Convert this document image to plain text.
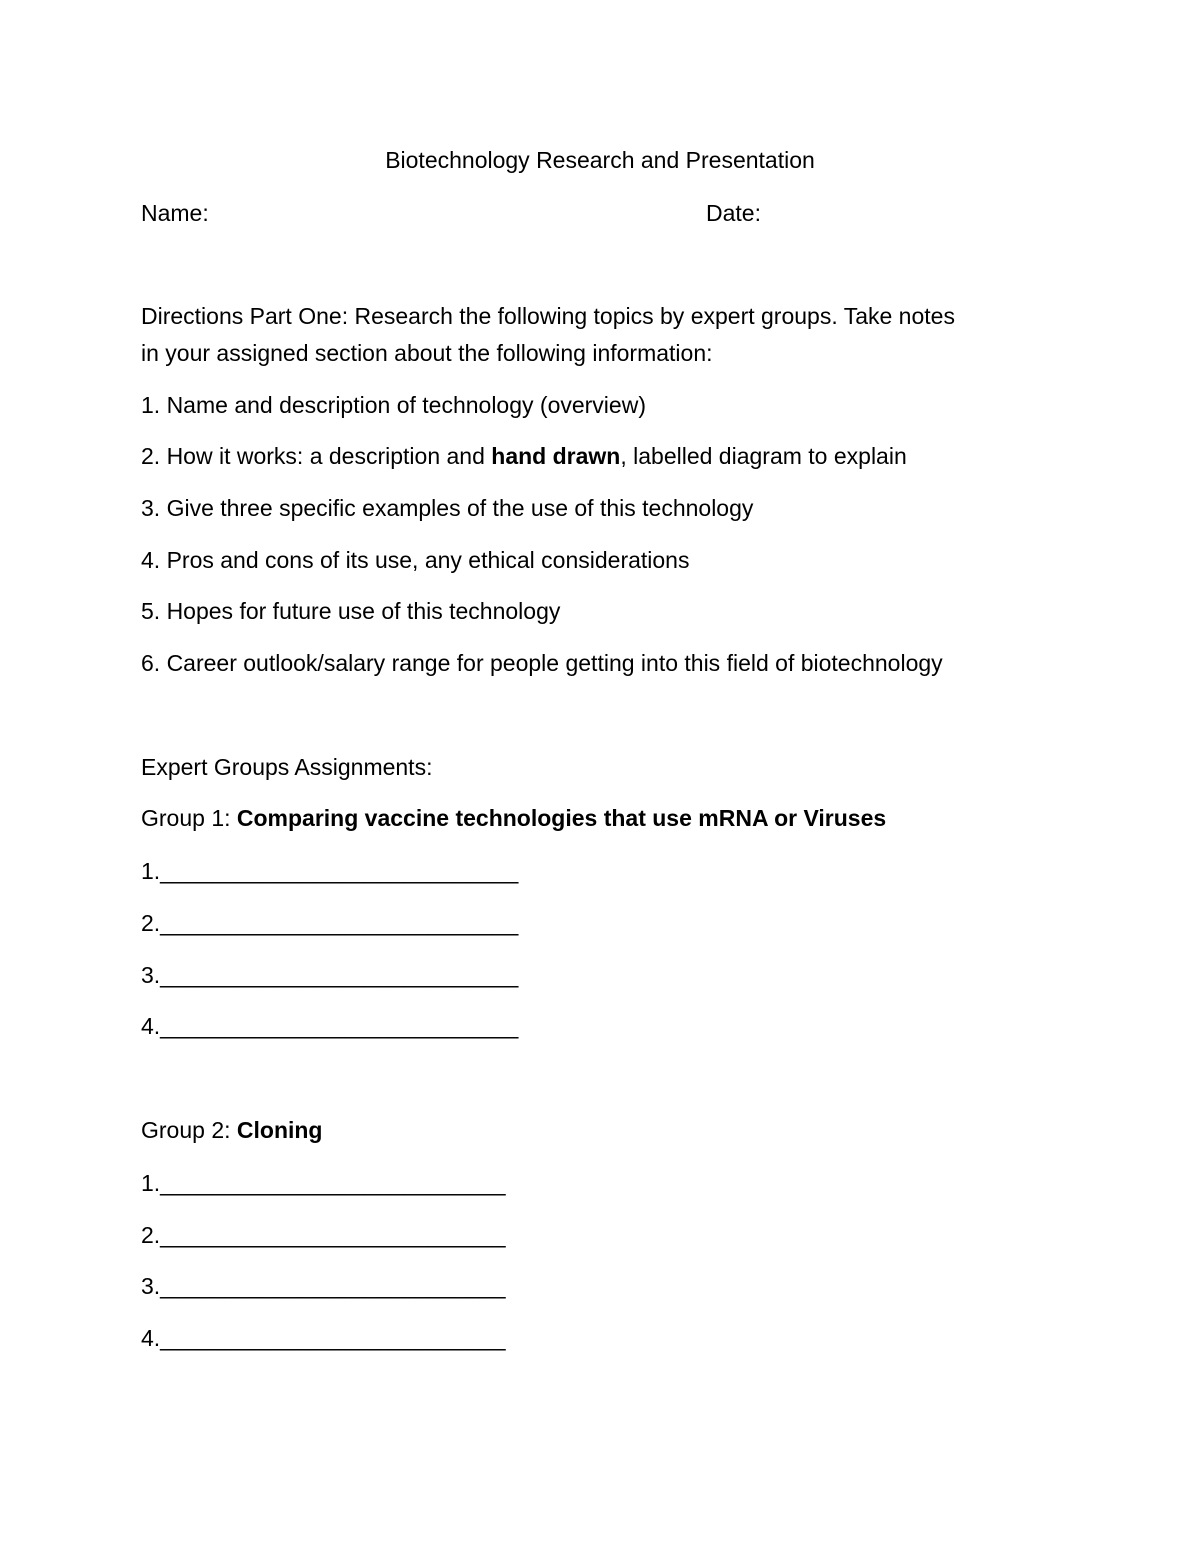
Biotechnology Research and Presentation
Name:	Date:
Directions Part One: Research the following topics by expert groups. Take notes
in your assigned section about the following information:
1. Name and description of technology (overview)
2. How it works: a description and hand drawn, labelled diagram to explain
3. Give three specific examples of the use of this technology
4. Pros and cons of its use, any ethical considerations
5. Hopes for future use of this technology
6. Career outlook/salary range for people getting into this field of biotechnology
Expert Groups Assignments:
Group 1: Comparing vaccine technologies that use mRNA or Viruses
1.____________________________
2.____________________________
3.____________________________
4.____________________________
Group 2: Cloning
1.___________________________
2.___________________________
3.___________________________
4.___________________________
